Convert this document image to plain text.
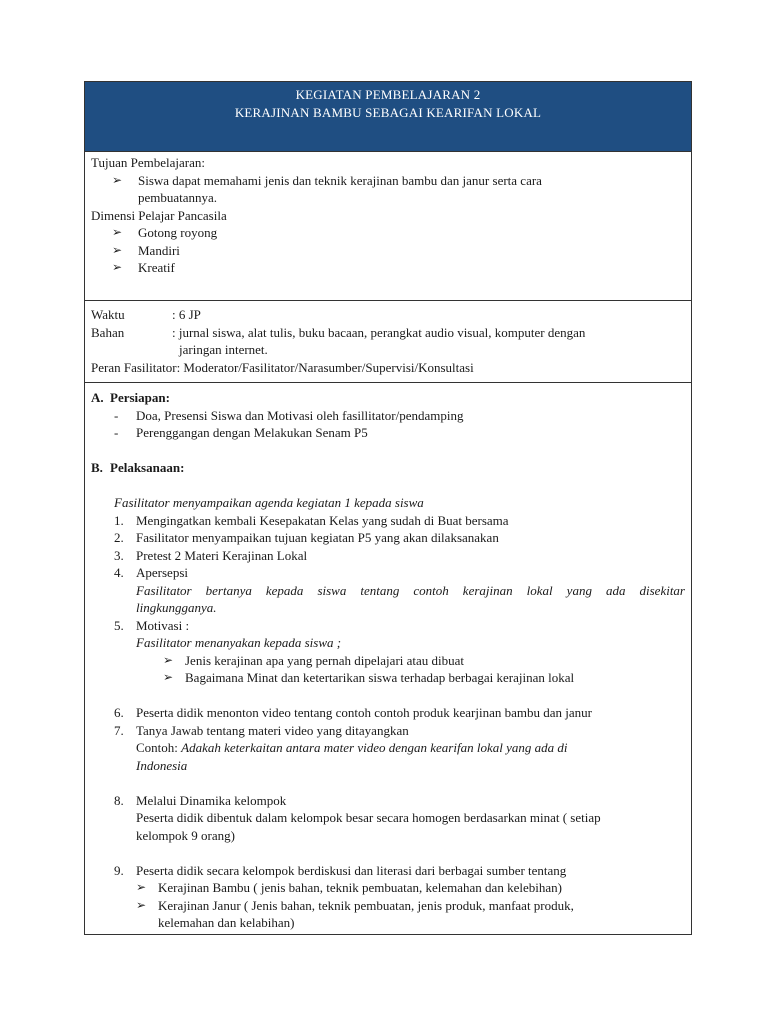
KEGIATAN PEMBELAJARAN 2
KERAJINAN BAMBU SEBAGAI KEARIFAN LOKAL
Tujuan Pembelajaran:
➢	Siswa dapat memahami jenis dan teknik kerajinan bambu dan janur serta cara
pembuatannya.
Dimensi Pelajar Pancasila
➢	Gotong royong
➢	Mandiri
➢	Kreatif
Waktu	: 6 JP
Bahan	: jurnal siswa, alat tulis, buku bacaan, perangkat audio visual, komputer dengan
jaringan internet.
Peran Fasilitator: Moderator/Fasilitator/Narasumber/Supervisi/Konsultasi
A. Persiapan:
-	Doa, Presensi Siswa dan Motivasi oleh fasillitator/pendamping
-	Perenggangan dengan Melakukan Senam P5
B. Pelaksanaan:
Fasilitator menyampaikan agenda kegiatan 1 kepada siswa
1. Mengingatkan kembali Kesepakatan Kelas yang sudah di Buat bersama
2. Fasilitator menyampaikan tujuan kegiatan P5 yang akan dilaksanakan
3. Pretest 2 Materi Kerajinan Lokal
4. Apersepsi
Fasilitator bertanya kepada siswa tentang contoh kerajinan lokal yang ada disekitar
lingkungganya.
5. Motivasi :
Fasilitator menanyakan kepada siswa ;
➢ Jenis kerajinan apa yang pernah dipelajari atau dibuat
➢ Bagaimana Minat dan ketertarikan siswa terhadap berbagai kerajinan lokal
6. Peserta didik menonton video tentang contoh contoh produk kearjinan bambu dan janur
7. Tanya Jawab tentang materi video yang ditayangkan
Contoh: Adakah keterkaitan antara mater video dengan kearifan lokal yang ada di
Indonesia
8. Melalui Dinamika kelompok
Peserta didik dibentuk dalam kelompok besar secara homogen berdasarkan minat ( setiap
kelompok 9 orang)
9. Peserta didik secara kelompok berdiskusi dan literasi dari berbagai sumber tentang
➢ Kerajinan Bambu ( jenis bahan, teknik pembuatan, kelemahan dan kelebihan)
➢ Kerajinan Janur ( Jenis bahan, teknik pembuatan, jenis produk, manfaat produk,
kelemahan dan kelabihan)
